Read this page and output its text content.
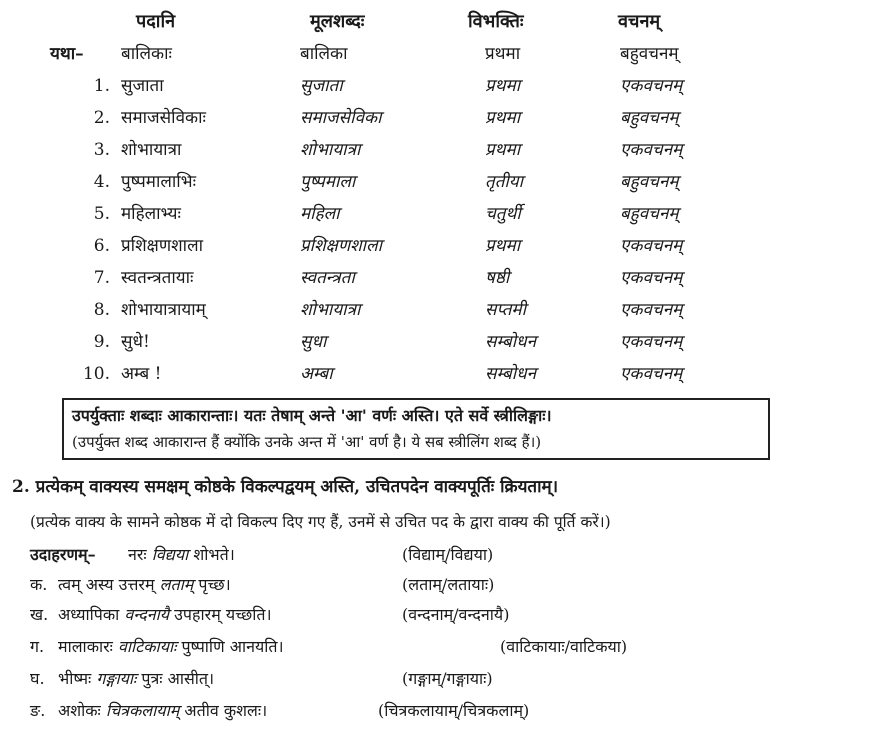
पदानि	मूलशब्दः	विभक्तिः	वचनम्
यथा–	बालिकाः	बालिका	प्रथमा	बहुवचनम्
1. सुजाता	सुजाता	प्रथमा	एकवचनम्
2. समाजसेविकाः	समाजसेविका	प्रथमा	बहुवचनम्
3. शोभायात्रा	शोभायात्रा	प्रथमा	एकवचनम्
4. पुष्पमालाभिः	पुष्पमाला	तृतीया	बहुवचनम्
5. महिलाभ्यः	महिला	चतुर्थी	बहुवचनम्
6. प्रशिक्षणशाला	प्रशिक्षणशाला	प्रथमा	एकवचनम्
7. स्वतन्त्रतायाः	स्वतन्त्रता	षष्ठी	एकवचनम्
8. शोभायात्रायाम्	शोभायात्रा	सप्तमी	एकवचनम्
9. सुधे!	सुधा	सम्बोधन	एकवचनम्
10. अम्ब !	अम्बा	सम्बोधन	एकवचनम्
उपर्युक्ताः शब्दाः आकारान्ताः। यतः तेषाम् अन्ते 'आ' वर्णः अस्ति। एते सर्वे स्त्रीलिङ्गाः।
(उपर्युक्त शब्द आकारान्त हैं क्योंकि उनके अन्त में 'आ' वर्ण है। ये सब स्त्रीलिंग शब्द हैं।)
2. प्रत्येकम् वाक्यस्य समक्षम् कोष्ठके विकल्पद्वयम् अस्ति, उचितपदेन वाक्यपूर्तिः क्रियताम्।
(प्रत्येक वाक्य के सामने कोष्ठक में दो विकल्प दिए गए हैं, उनमें से उचित पद के द्वारा वाक्य की पूर्ति करें।)
उदाहरणम्– नरः विद्यया शोभते।	(विद्याम्/विद्यया)
क. त्वम् अस्य उत्तरम् लताम् पृच्छ।	(लताम्/लतायाः)
ख. अध्यापिका वन्दनायै उपहारम् यच्छति।	(वन्दनाम्/वन्दनायै)
ग. मालाकारः वाटिकायाः पुष्पाणि आनयति।	(वाटिकायाः/वाटिकया)
घ. भीष्मः गङ्गायाः पुत्रः आसीत्।	(गङ्गाम्/गङ्गायाः)
ङ. अशोकः चित्रकलायाम् अतीव कुशलः।	(चित्रकलायाम्/चित्रकलाम्)
